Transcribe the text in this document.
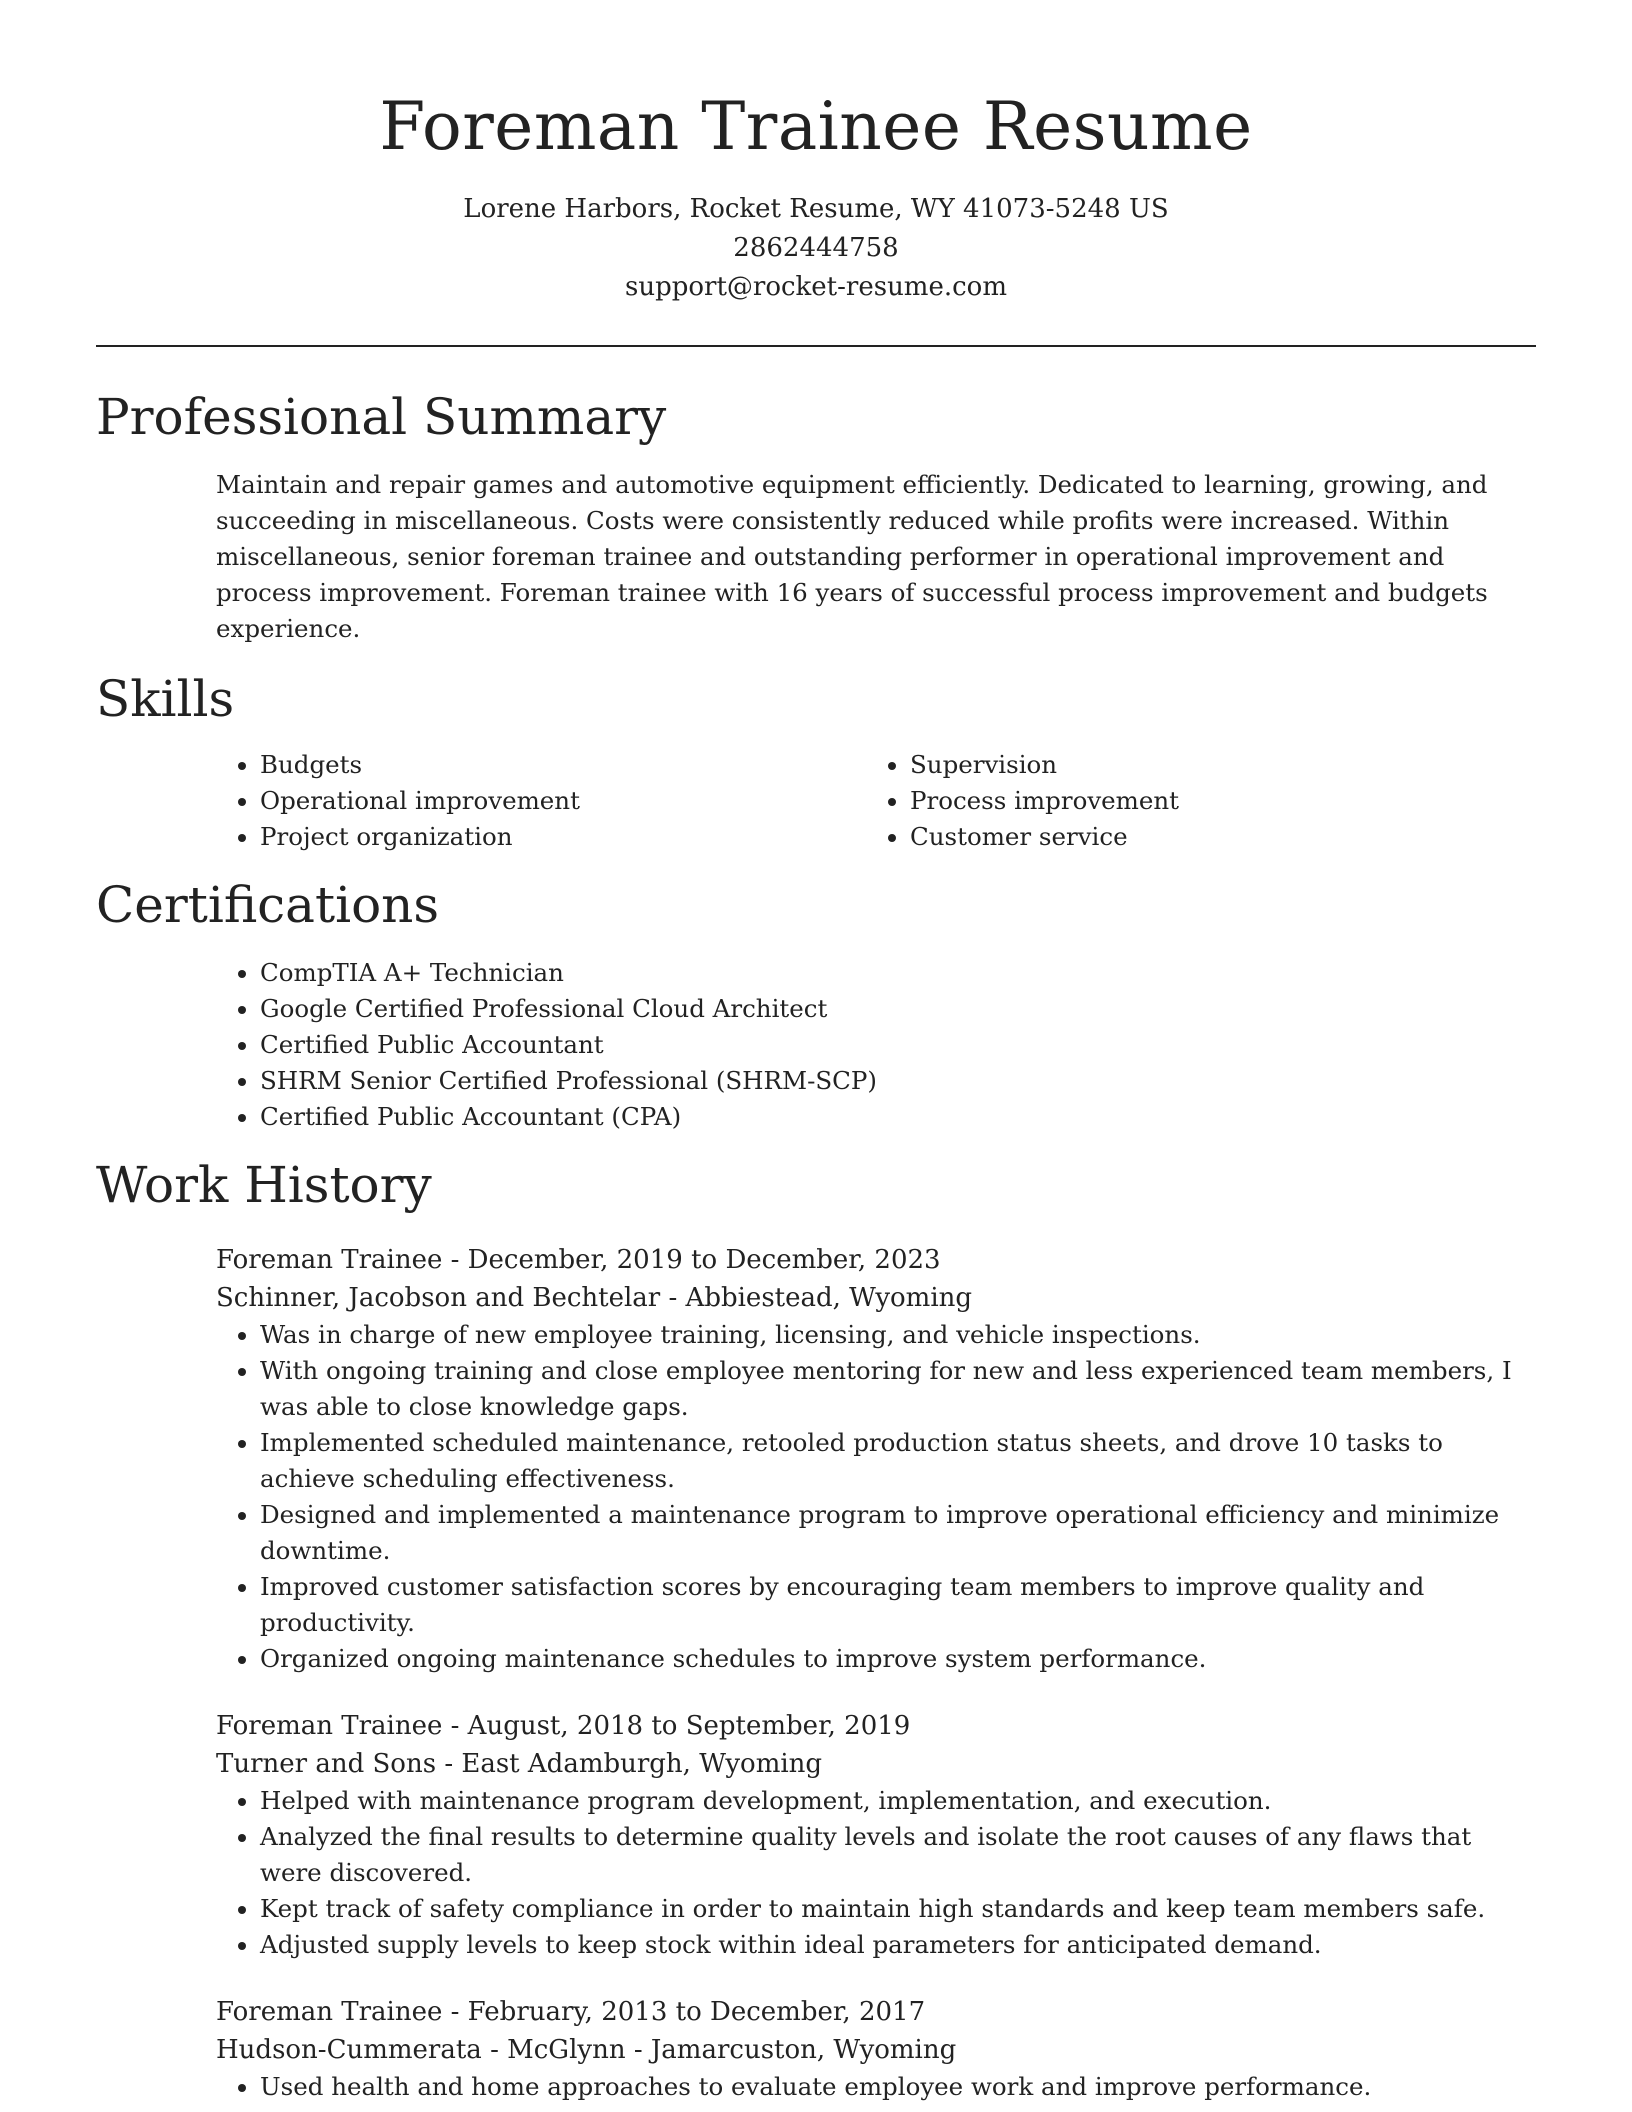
Foreman Trainee Resume

Lorene Harbors, Rocket Resume, WY 41073-5248 US

2862444758

support@rocket-resume.com

Professional Summary

Maintain and repair games and automotive equipment efficiently. Dedicated to learning, growing, and succeeding in miscellaneous. Costs were consistently reduced while profits were increased. Within miscellaneous, senior foreman trainee and outstanding performer in operational improvement and process improvement. Foreman trainee with 16 years of successful process improvement and budgets experience.

Skills
• Budgets
• Operational improvement
• Project organization
• Supervision
• Process improvement
• Customer service
Certifications
• CompTIA A+ Technician
• Google Certified Professional Cloud Architect
• Certified Public Accountant
• SHRM Senior Certified Professional (SHRM-SCP)
• Certified Public Accountant (CPA)
Work History
Foreman Trainee - December, 2019 to December, 2023
Schinner, Jacobson and Bechtelar - Abbiestead, Wyoming
• Was in charge of new employee training, licensing, and vehicle inspections.
• With ongoing training and close employee mentoring for new and less experienced team members, I was able to close knowledge gaps.
• Implemented scheduled maintenance, retooled production status sheets, and drove 10 tasks to achieve scheduling effectiveness.
• Designed and implemented a maintenance program to improve operational efficiency and minimize downtime.
• Improved customer satisfaction scores by encouraging team members to improve quality and productivity.
• Organized ongoing maintenance schedules to improve system performance.
Foreman Trainee - August, 2018 to September, 2019
Turner and Sons - East Adamburgh, Wyoming
• Helped with maintenance program development, implementation, and execution.
• Analyzed the final results to determine quality levels and isolate the root causes of any flaws that were discovered.
• Kept track of safety compliance in order to maintain high standards and keep team members safe.
• Adjusted supply levels to keep stock within ideal parameters for anticipated demand.
Foreman Trainee - February, 2013 to December, 2017
Hudson-Cummerata - McGlynn - Jamarcuston, Wyoming
• Used health and home approaches to evaluate employee work and improve performance.
